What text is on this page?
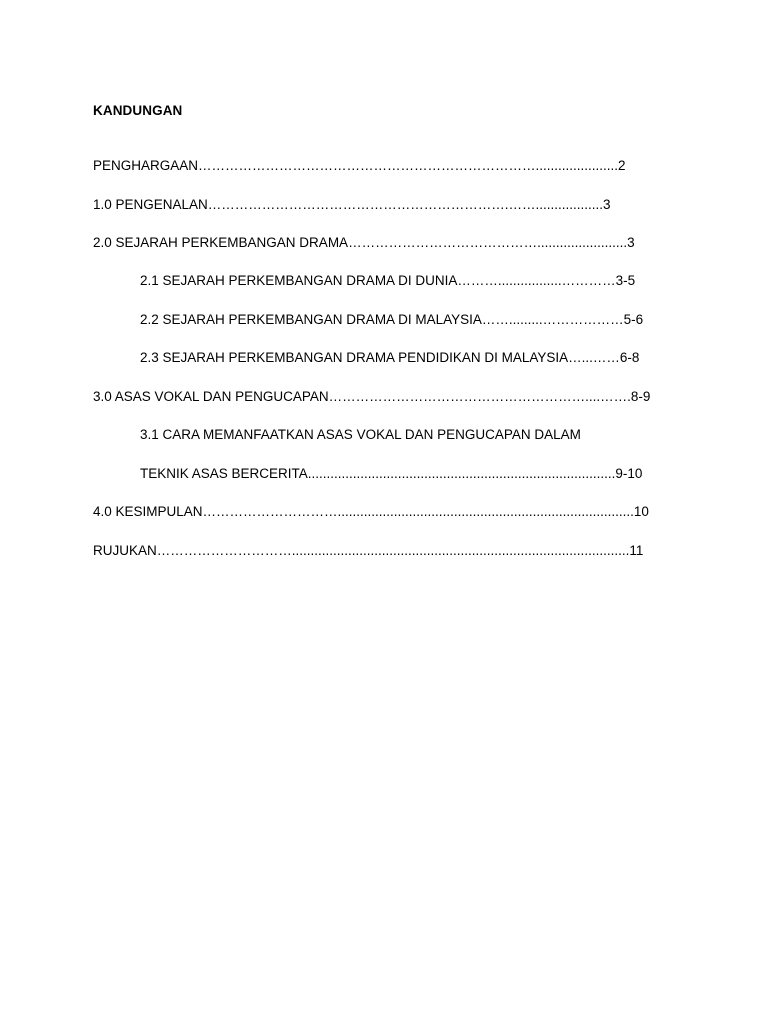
KANDUNGAN
PENGHARGAAN…………………………………………………………………......................2
1.0 PENGENALAN………………………………………………………….……..................3
2.0 SEJARAH PERKEMBANGAN DRAMA……………………………………........................3
2.1 SEJARAH PERKEMBANGAN DRAMA DI DUNIA……….................…………3-5
2.2 SEJARAH PERKEMBANGAN DRAMA DI MALAYSIA…….........………………5-6
2.3 SEJARAH PERKEMBANGAN DRAMA PENDIDIKAN DI MALAYSIA…...……6-8
3.0 ASAS VOKAL DAN PENGUCAPAN…………………………………………………....…….8-9
3.1 CARA MEMANFAATKAN ASAS VOKAL DAN PENGUCAPAN DALAM
TEKNIK ASAS BERCERITA..................................................................................9-10
4.0 KESIMPULAN…………………………...............................................................................10
RUJUKAN…………………………..........................................................................................11
